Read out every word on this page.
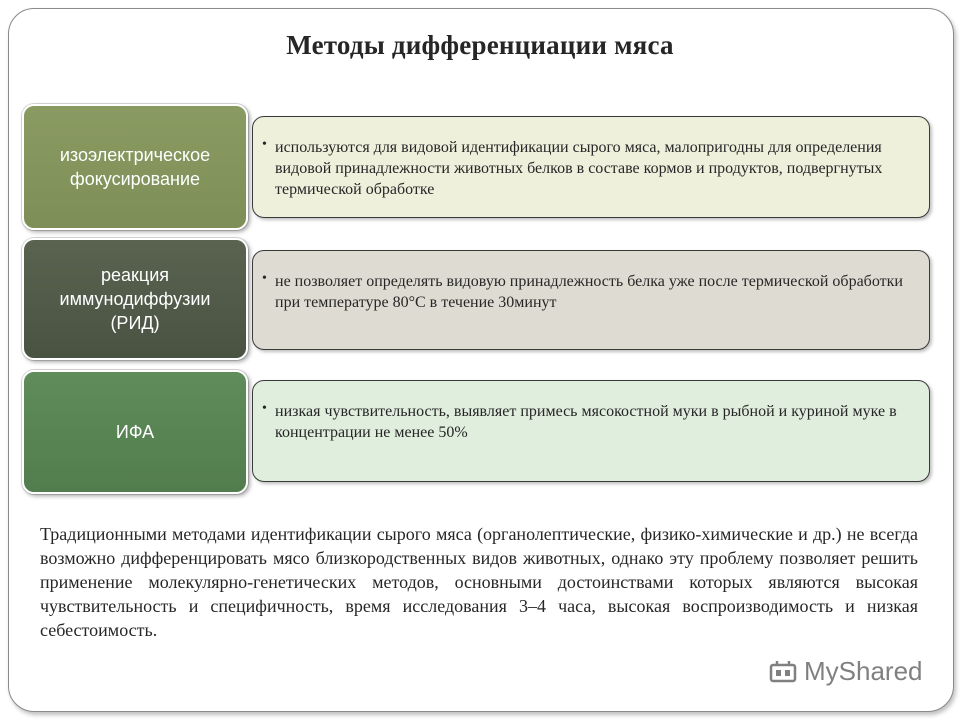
Методы дифференциации мяса
изоэлектрическое
фокусирование
• используются для видовой идентификации сырого мяса, малопригодны для определения видовой принадлежности животных белков в составе кормов и продуктов, подвергнутых термической обработке
реакция
иммунодиффузии
(РИД)
• не позволяет определять видовую принадлежность белка уже после термической обработки при температуре 80°С в течение 30минут
ИФА
• низкая чувствительность, выявляет примесь мясокостной муки в рыбной и куриной муке в концентрации не менее 50%
Традиционными методами идентификации сырого мяса (органолептические, физико-химические и др.) не всегда возможно дифференцировать мясо близкородственных видов животных, однако эту проблему позволяет решить применение молекулярно-генетических методов, основными достоинствами которых являются высокая чувствительность и специфичность, время исследования 3–4 часа, высокая воспроизводимость и низкая себестоимость.
MyShared
